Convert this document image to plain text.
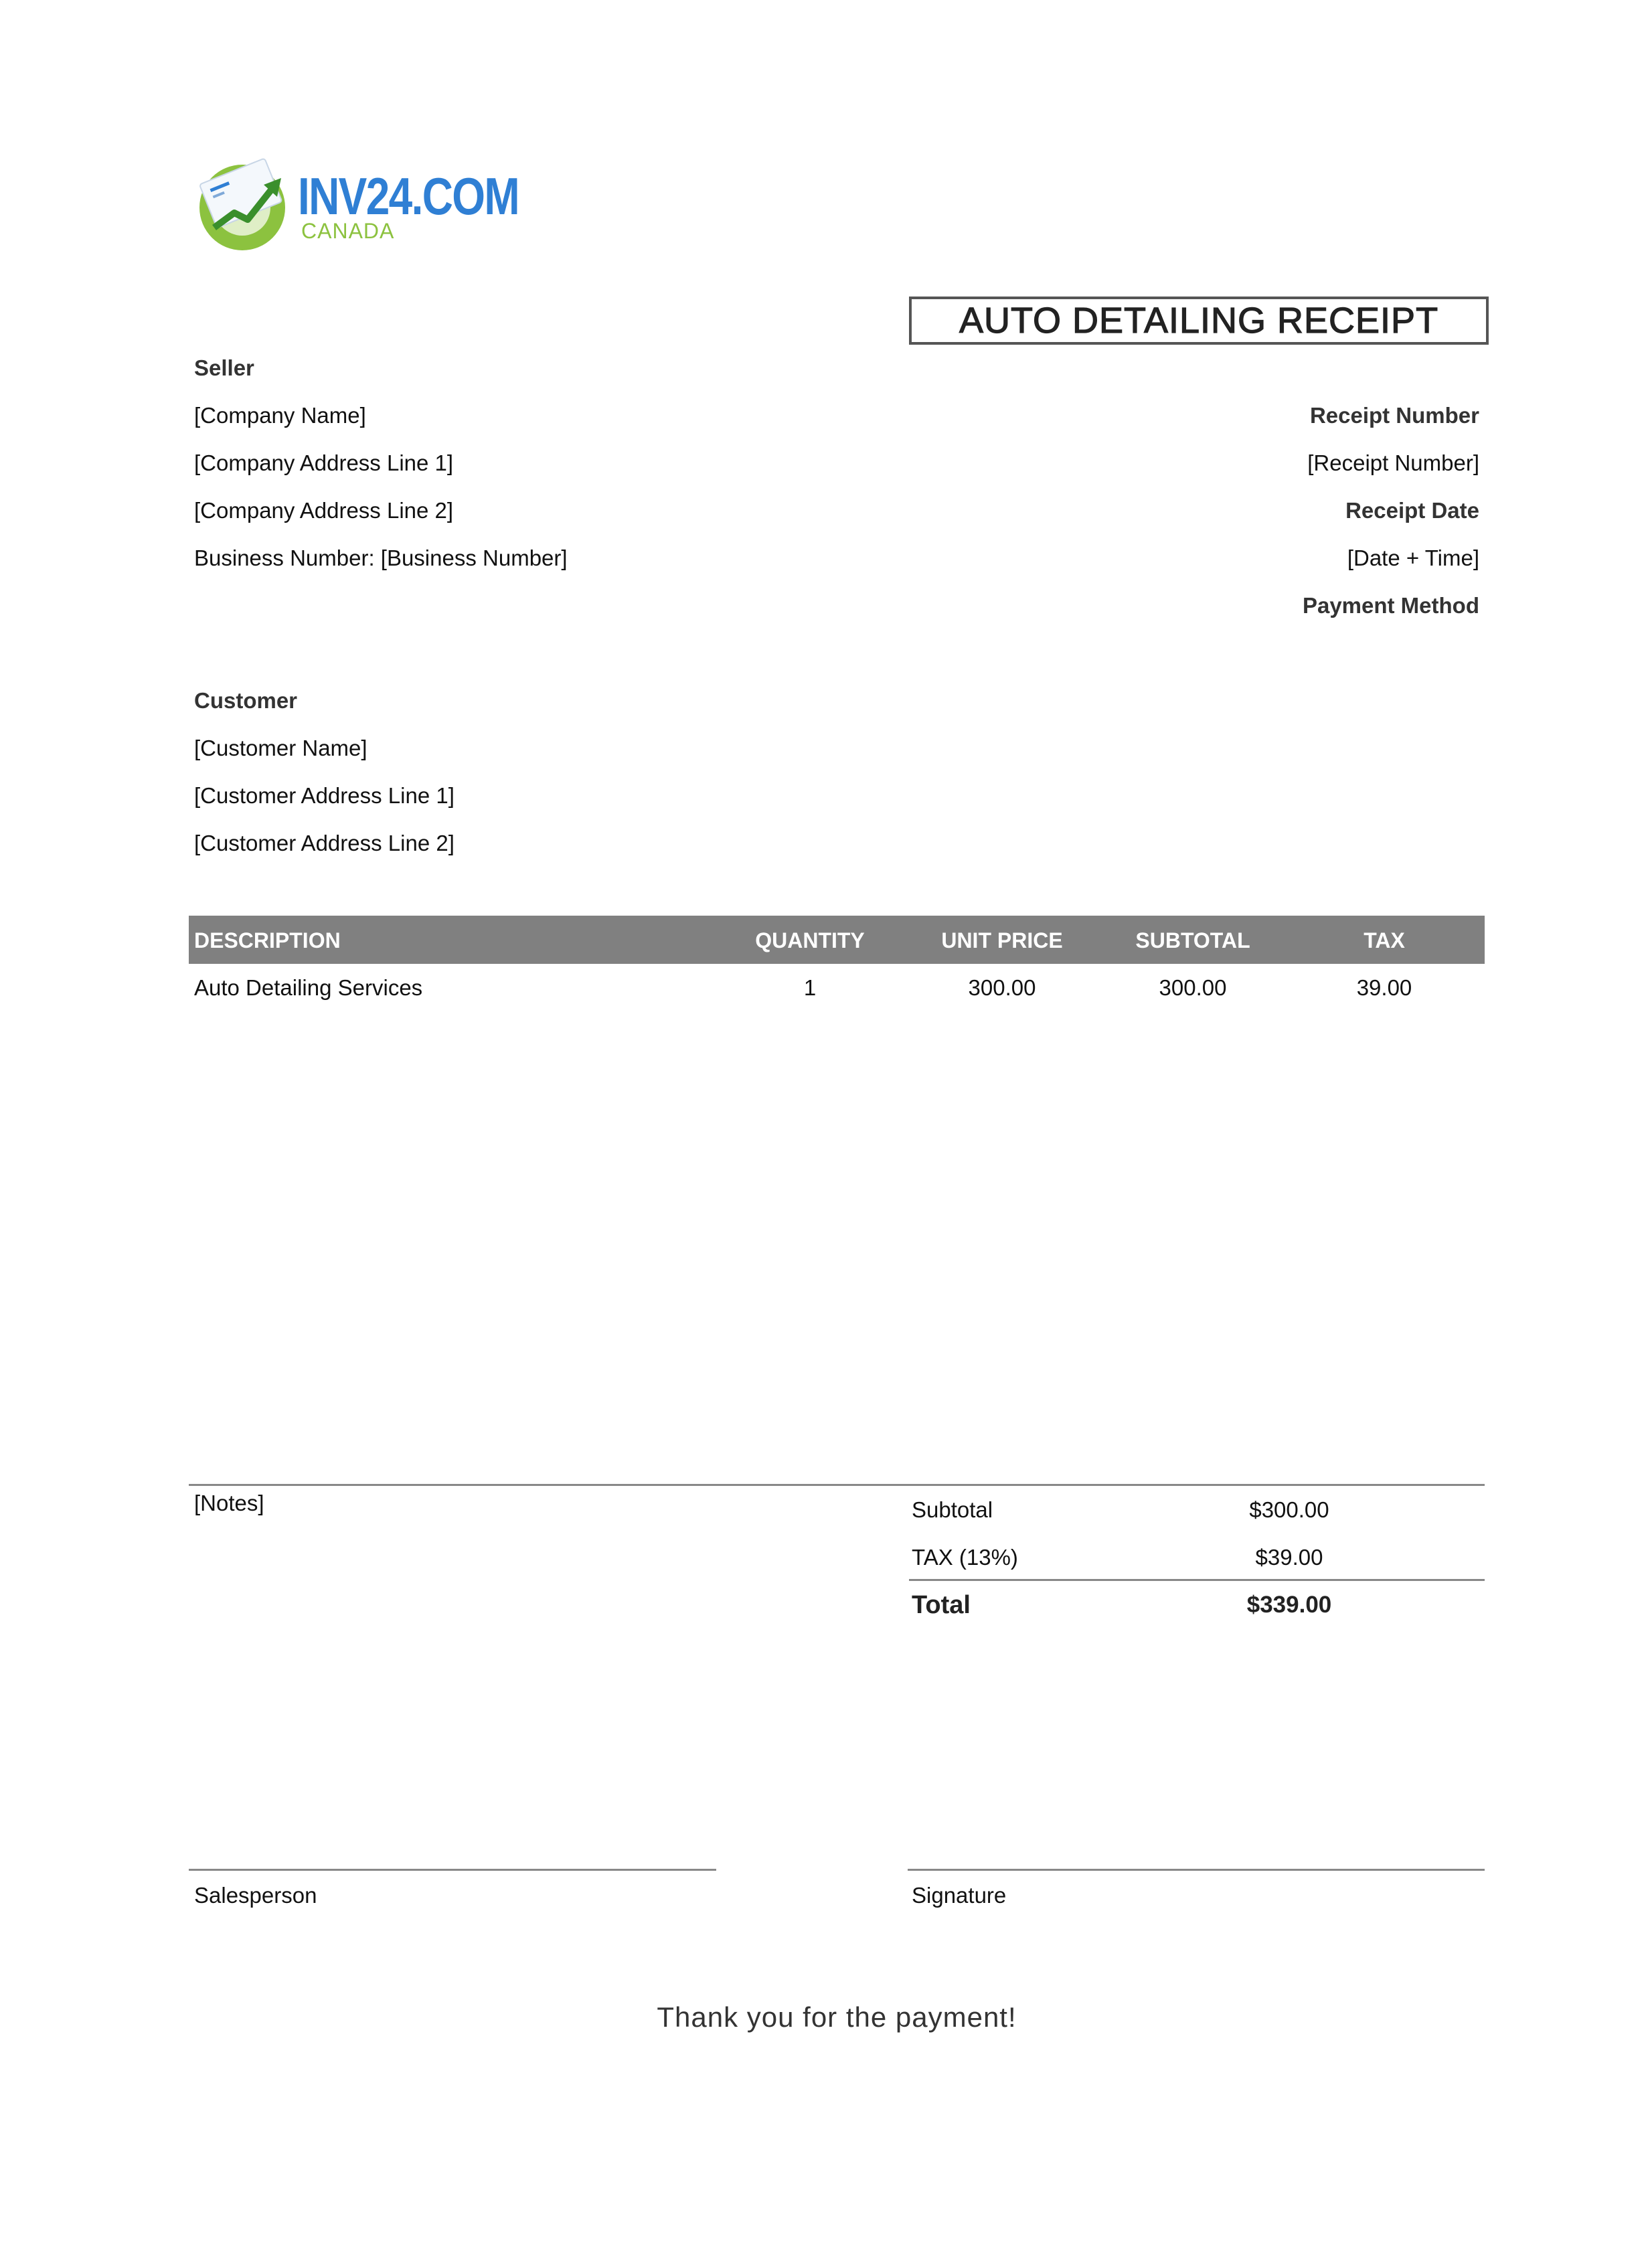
INV24.COM
CANADA
AUTO DETAILING RECEIPT
Seller
[Company Name]
[Company Address Line 1]
[Company Address Line 2]
Business Number: [Business Number]
Receipt Number
[Receipt Number]
Receipt Date
[Date + Time]
Payment Method
Customer
[Customer Name]
[Customer Address Line 1]
[Customer Address Line 2]
DESCRIPTION	QUANTITY	UNIT PRICE	SUBTOTAL	TAX
Auto Detailing Services	1	300.00	300.00	39.00
[Notes]	Subtotal	$300.00
TAX (13%)	$39.00
Total	$339.00
Salesperson	Signature
Thank you for the payment!
